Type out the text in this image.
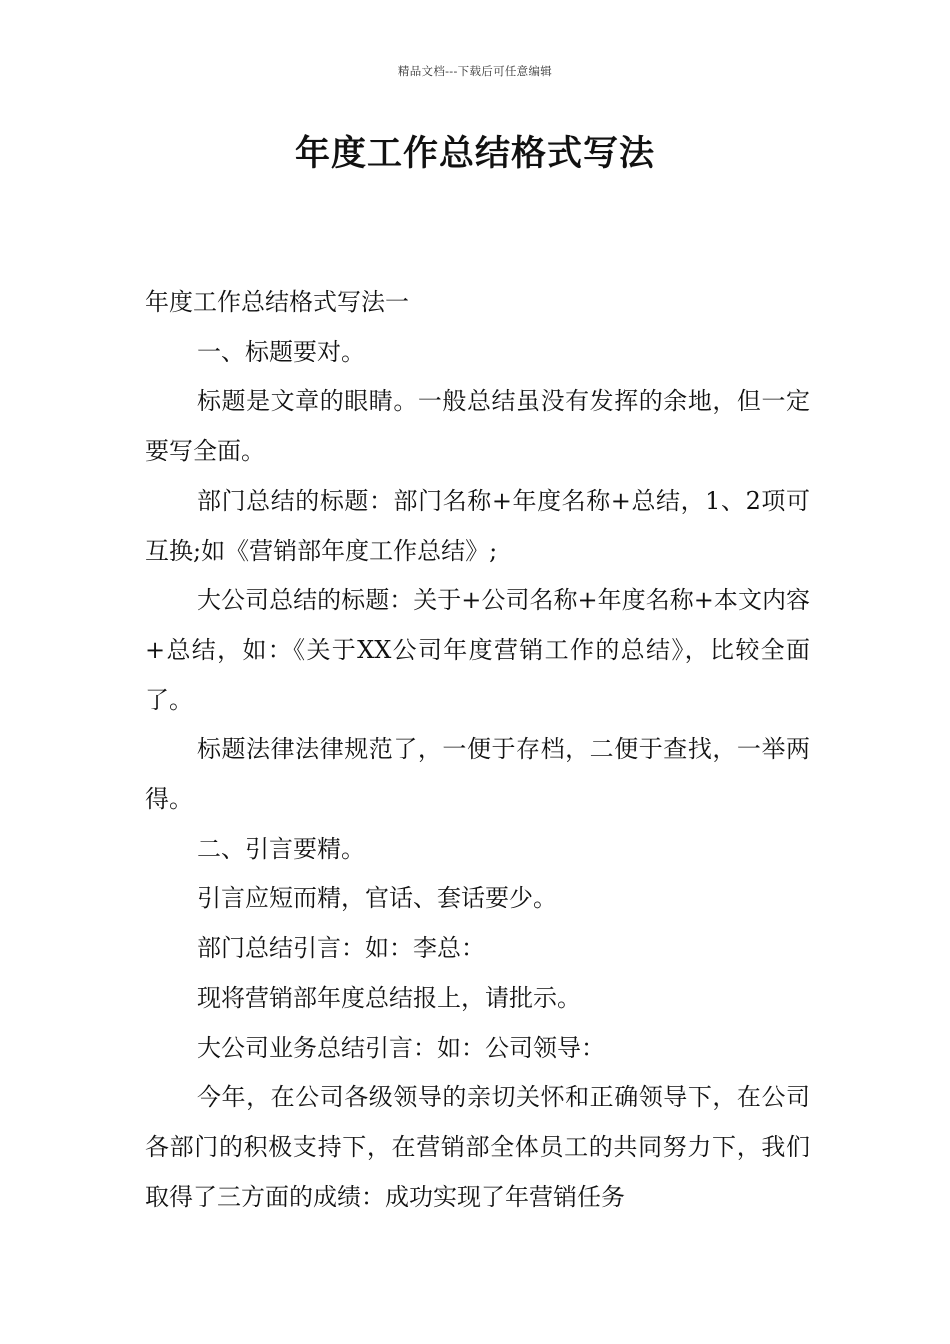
精品文档---下载后可任意编辑
年度工作总结格式写法

年度工作总结格式写法一

一、标题要对。

标题是文章的眼睛。一般总结虽没有发挥的余地，但一定要写全面。

部门总结的标题：部门名称+年度名称+总结，1、2项可互换;如《营销部年度工作总结》;

大公司总结的标题：关于+公司名称+年度名称+本文内容+总结，如：《关于XX公司年度营销工作的总结》，比较全面了。

标题法律法律规范了，一便于存档，二便于查找，一举两得。

二、引言要精。

引言应短而精，官话、套话要少。

部门总结引言：如：李总：

现将营销部年度总结报上，请批示。

大公司业务总结引言：如：公司领导：

今年，在公司各级领导的亲切关怀和正确领导下，在公司各部门的积极支持下，在营销部全体员工的共同努力下，我们取得了三方面的成绩：成功实现了年营销任务
